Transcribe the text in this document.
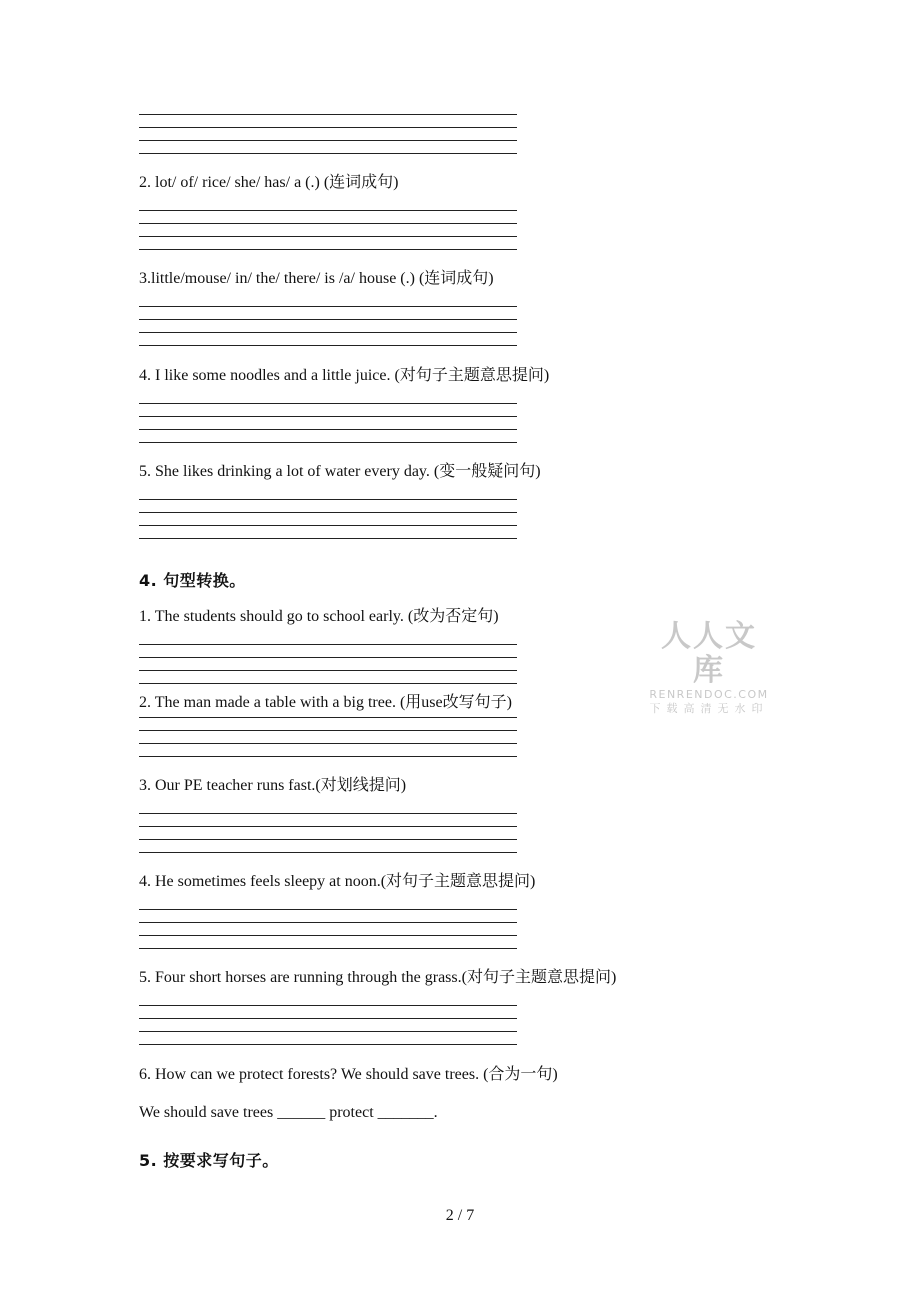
2. lot/ of/ rice/ she/ has/ a (.) (连词成句)
3.little/mouse/ in/ the/ there/ is /a/ house (.) (连词成句)
4. I like some noodles and a little juice. (对句子主题意思提问)
5. She likes drinking a lot of water every day. (变一般疑问句)
4. 句型转换。
1. The students should go to school early. (改为否定句)
2. The man made a table with a big tree. (用use改写句子)
3. Our PE teacher runs fast.(对划线提问)
4. He sometimes feels sleepy at noon.(对句子主题意思提问)
5. Four short horses are running through the grass.(对句子主题意思提问)
6. How can we protect forests? We should save trees. (合为一句)
We should save trees ______ protect _______.
5. 按要求写句子。
人人文库
RENRENDOC.COM
下载高清无水印
2 / 7
